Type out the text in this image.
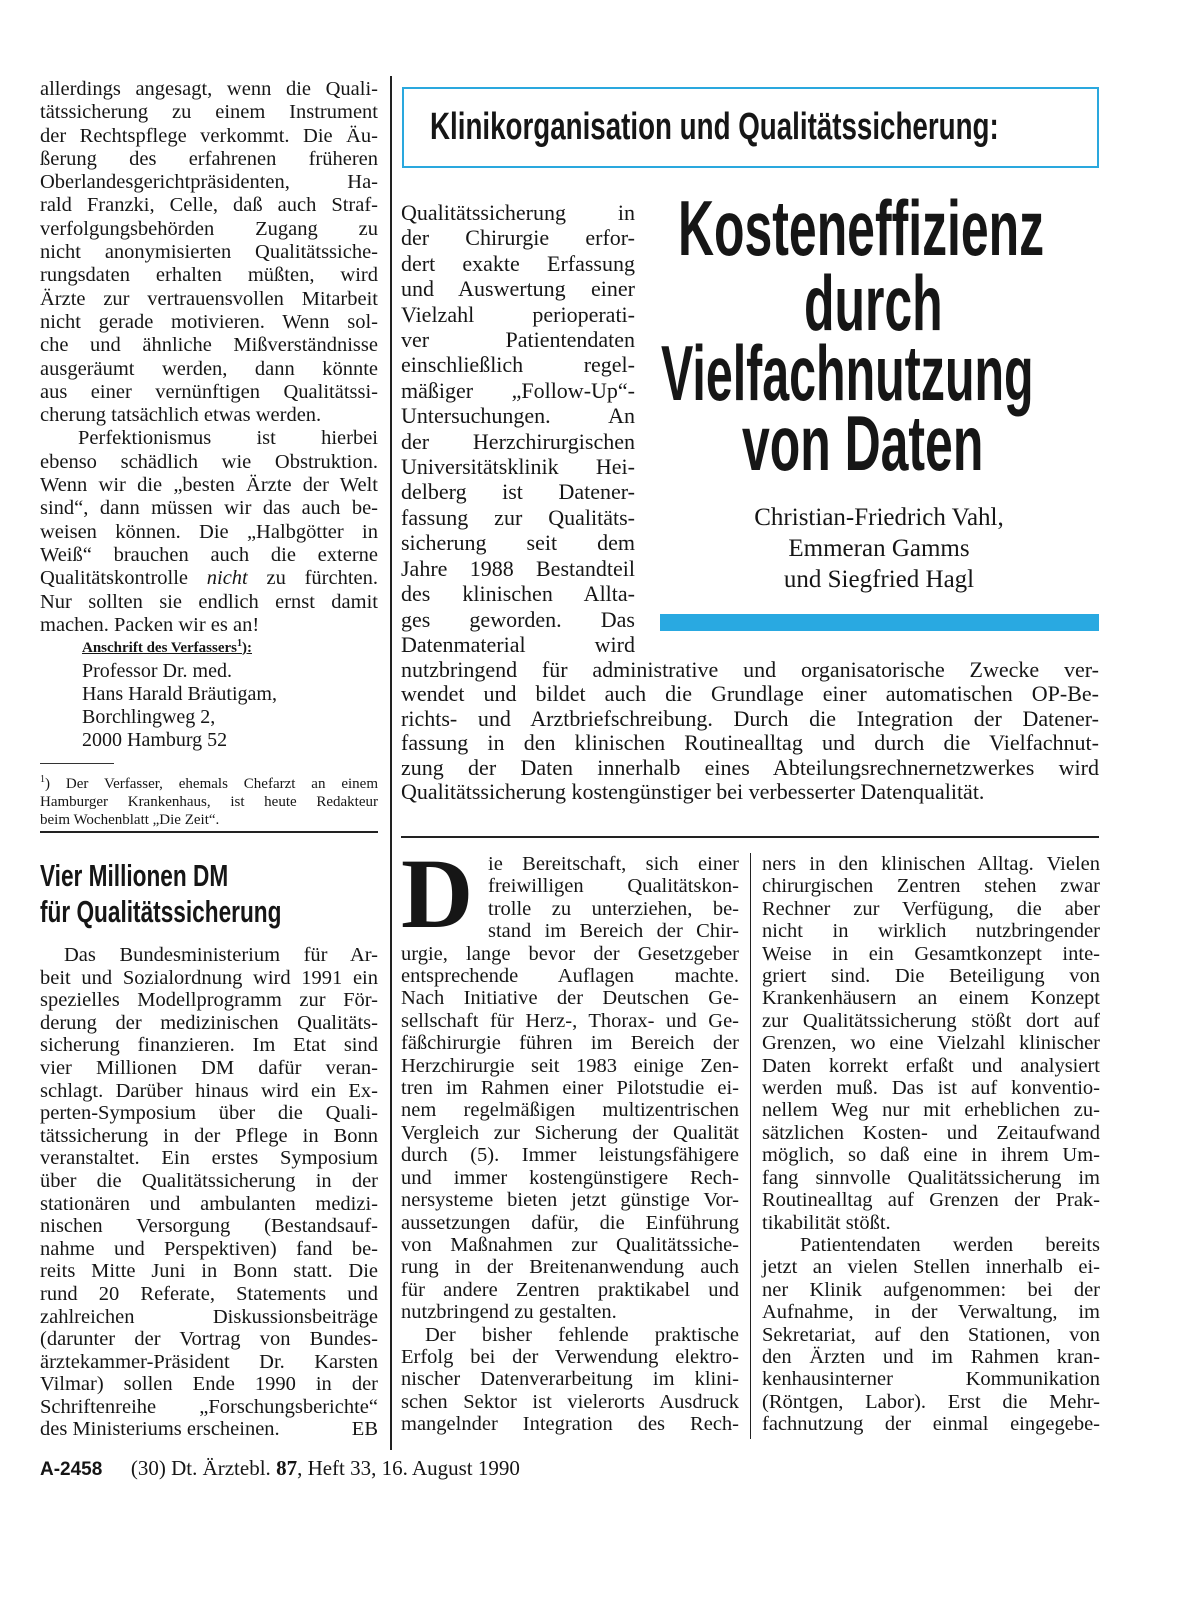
allerdings angesagt, wenn die Quali-
tätssicherung zu einem Instrument
der Rechtspflege verkommt. Die Äu-
ßerung des erfahrenen früheren
Oberlandesgerichtpräsidenten, Ha-
rald Franzki, Celle, daß auch Straf-
verfolgungsbehörden Zugang zu
nicht anonymisierten Qualitätssiche-
rungsdaten erhalten müßten, wird
Ärzte zur vertrauensvollen Mitarbeit
nicht gerade motivieren. Wenn sol-
che und ähnliche Mißverständnisse
ausgeräumt werden, dann könnte
aus einer vernünftigen Qualitätssi-
cherung tatsächlich etwas werden.
Perfektionismus ist hierbei
ebenso schädlich wie Obstruktion.
Wenn wir die „besten Ärzte der Welt
sind“, dann müssen wir das auch be-
weisen können. Die „Halbgötter in
Weiß“ brauchen auch die externe
Qualitätskontrolle nicht zu fürchten.
Nur sollten sie endlich ernst damit
machen. Packen wir es an!
Anschrift des Verfassers$^1$):
Professor Dr. med.
Hans Harald Bräutigam,
Borchlingweg 2,
2000 Hamburg 52
$^1$) Der Verfasser, ehemals Chefarzt an einem
Hamburger Krankenhaus, ist heute Redakteur
beim Wochenblatt „Die Zeit“.
Vier Millionen DM
für Qualitätssicherung
Das Bundesministerium für Ar-
beit und Sozialordnung wird 1991 ein
spezielles Modellprogramm zur För-
derung der medizinischen Qualitäts-
sicherung finanzieren. Im Etat sind
vier Millionen DM dafür veran-
schlagt. Darüber hinaus wird ein Ex-
perten-Symposium über die Quali-
tätssicherung in der Pflege in Bonn
veranstaltet. Ein erstes Symposium
über die Qualitätssicherung in der
stationären und ambulanten medizi-
nischen Versorgung (Bestandsauf-
nahme und Perspektiven) fand be-
reits Mitte Juni in Bonn statt. Die
rund 20 Referate, Statements und
zahlreichen Diskussionsbeiträge
(darunter der Vortrag von Bundes-
ärztekammer-Präsident Dr. Karsten
Vilmar) sollen Ende 1990 in der
Schriftenreihe „Forschungsberichte“
des Ministeriums erscheinen.	EB
Klinikorganisation und Qualitätssicherung:
Kosteneffizienz
durch
Vielfachnutzung
von Daten
Christian-Friedrich Vahl,
Emmeran Gamms
und Siegfried Hagl
Qualitätssicherung in
der Chirurgie erfor-
dert exakte Erfassung
und Auswertung einer
Vielzahl perioperati-
ver Patientendaten
einschließlich regel-
mäßiger „Follow-Up“-
Untersuchungen. An
der Herzchirurgischen
Universitätsklinik Hei-
delberg ist Datener-
fassung zur Qualitäts-
sicherung seit dem
Jahre 1988 Bestandteil
des klinischen Allta-
ges geworden. Das
Datenmaterial wird
nutzbringend für administrative und organisatorische Zwecke ver-
wendet und bildet auch die Grundlage einer automatischen OP-Be-
richts- und Arztbriefschreibung. Durch die Integration der Datener-
fassung in den klinischen Routinealltag und durch die Vielfachnut-
zung der Daten innerhalb eines Abteilungsrechnernetzwerkes wird
Qualitätssicherung kostengünstiger bei verbesserter Datenqualität.
D ie Bereitschaft, sich einer
freiwilligen Qualitätskon-
trolle zu unterziehen, be-
stand im Bereich der Chir-
urgie, lange bevor der Gesetzgeber
entsprechende Auflagen machte.
Nach Initiative der Deutschen Ge-
sellschaft für Herz-, Thorax- und Ge-
fäßchirurgie führen im Bereich der
Herzchirurgie seit 1983 einige Zen-
tren im Rahmen einer Pilotstudie ei-
nem regelmäßigen multizentrischen
Vergleich zur Sicherung der Qualität
durch (5). Immer leistungsfähigere
und immer kostengünstigere Rech-
nersysteme bieten jetzt günstige Vor-
aussetzungen dafür, die Einführung
von Maßnahmen zur Qualitätssiche-
rung in der Breitenanwendung auch
für andere Zentren praktikabel und
nutzbringend zu gestalten.
Der bisher fehlende praktische
Erfolg bei der Verwendung elektro-
nischer Datenverarbeitung im klini-
schen Sektor ist vielerorts Ausdruck
mangelnder Integration des Rech-
ners in den klinischen Alltag. Vielen
chirurgischen Zentren stehen zwar
Rechner zur Verfügung, die aber
nicht in wirklich nutzbringender
Weise in ein Gesamtkonzept inte-
griert sind. Die Beteiligung von
Krankenhäusern an einem Konzept
zur Qualitätssicherung stößt dort auf
Grenzen, wo eine Vielzahl klinischer
Daten korrekt erfaßt und analysiert
werden muß. Das ist auf konventio-
nellem Weg nur mit erheblichen zu-
sätzlichen Kosten- und Zeitaufwand
möglich, so daß eine in ihrem Um-
fang sinnvolle Qualitätssicherung im
Routinealltag auf Grenzen der Prak-
tikabilität stößt.
Patientendaten werden bereits
jetzt an vielen Stellen innerhalb ei-
ner Klinik aufgenommen: bei der
Aufnahme, in der Verwaltung, im
Sekretariat, auf den Stationen, von
den Ärzten und im Rahmen kran-
kenhausinterner Kommunikation
(Röntgen, Labor). Erst die Mehr-
fachnutzung der einmal eingegebe-
A-2458 (30) Dt. Ärztebl. 87, Heft 33, 16. August 1990
